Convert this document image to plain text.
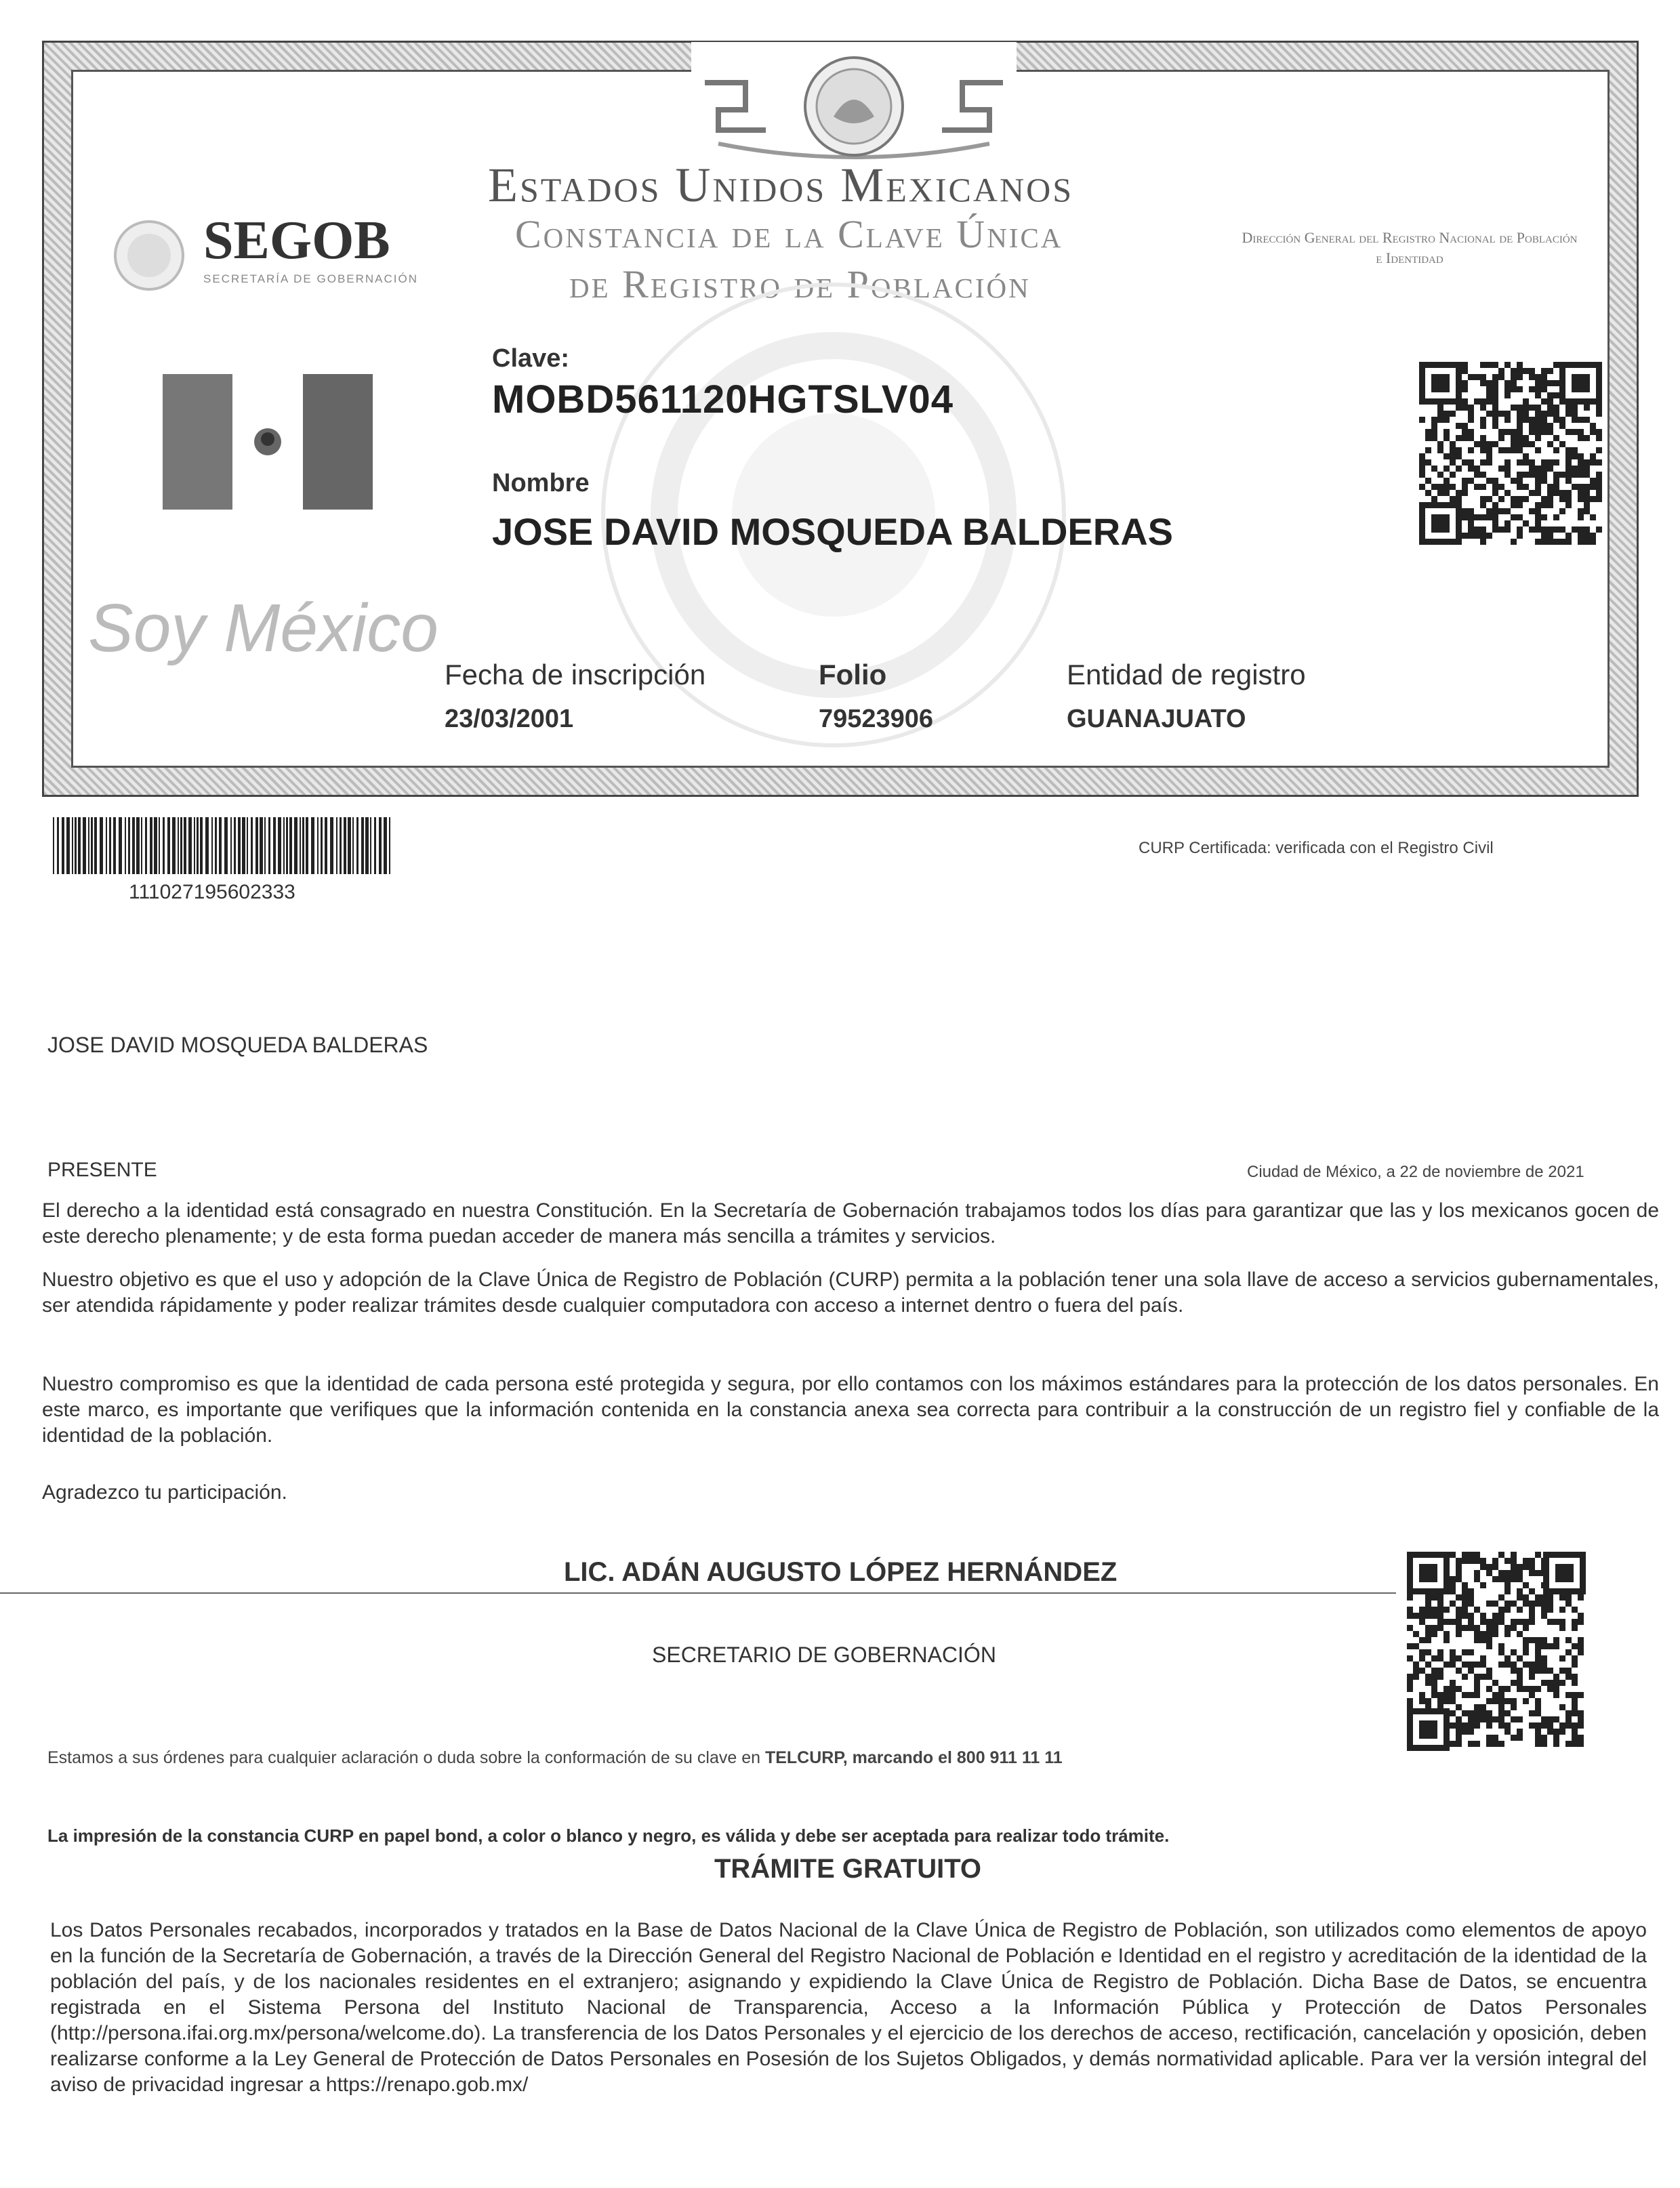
SEGOB
SECRETARÍA DE GOBERNACIÓN
Estados Unidos Mexicanos
Constancia de la Clave Única
de Registro de Población
Dirección General del Registro Nacional de Población e Identidad
Clave:
MOBD561120HGTSLV04
Nombre
JOSE DAVID MOSQUEDA BALDERAS
Soy México
Fecha de inscripción
23/03/2001
Folio
79523906
Entidad de registro
GUANAJUATO
111027195602333
CURP Certificada: verificada con el Registro Civil
JOSE DAVID MOSQUEDA BALDERAS
PRESENTE	Ciudad de México, a 22 de noviembre de 2021
El derecho a la identidad está consagrado en nuestra Constitución. En la Secretaría de Gobernación trabajamos todos los días para garantizar que las y los mexicanos gocen de este derecho plenamente; y de esta forma puedan acceder de manera más sencilla a trámites y servicios.
Nuestro objetivo es que el uso y adopción de la Clave Única de Registro de Población (CURP) permita a la población tener una sola llave de acceso a servicios gubernamentales, ser atendida rápidamente y poder realizar trámites desde cualquier computadora con acceso a internet dentro o fuera del país.
Nuestro compromiso es que la identidad de cada persona esté protegida y segura, por ello contamos con los máximos estándares para la protección de los datos personales. En este marco, es importante que verifiques que la información contenida en la constancia anexa sea correcta para contribuir a la construcción de un registro fiel y confiable de la identidad de la población.
Agradezco tu participación.
LIC. ADÁN AUGUSTO LÓPEZ HERNÁNDEZ
SECRETARIO DE GOBERNACIÓN
Estamos a sus órdenes para cualquier aclaración o duda sobre la conformación de su clave en TELCURP, marcando el 800 911 11 11
La impresión de la constancia CURP en papel bond, a color o blanco y negro, es válida y debe ser aceptada para realizar todo trámite.
TRÁMITE GRATUITO
Los Datos Personales recabados, incorporados y tratados en la Base de Datos Nacional de la Clave Única de Registro de Población, son utilizados como elementos de apoyo en la función de la Secretaría de Gobernación, a través de la Dirección General del Registro Nacional de Población e Identidad en el registro y acreditación de la identidad de la población del país, y de los nacionales residentes en el extranjero; asignando y expidiendo la Clave Única de Registro de Población. Dicha Base de Datos, se encuentra registrada en el Sistema Persona del Instituto Nacional de Transparencia, Acceso a la Información Pública y Protección de Datos Personales (http://persona.ifai.org.mx/persona/welcome.do). La transferencia de los Datos Personales y el ejercicio de los derechos de acceso, rectificación, cancelación y oposición, deben realizarse conforme a la Ley General de Protección de Datos Personales en Posesión de los Sujetos Obligados, y demás normatividad aplicable. Para ver la versión integral del aviso de privacidad ingresar a https://renapo.gob.mx/
